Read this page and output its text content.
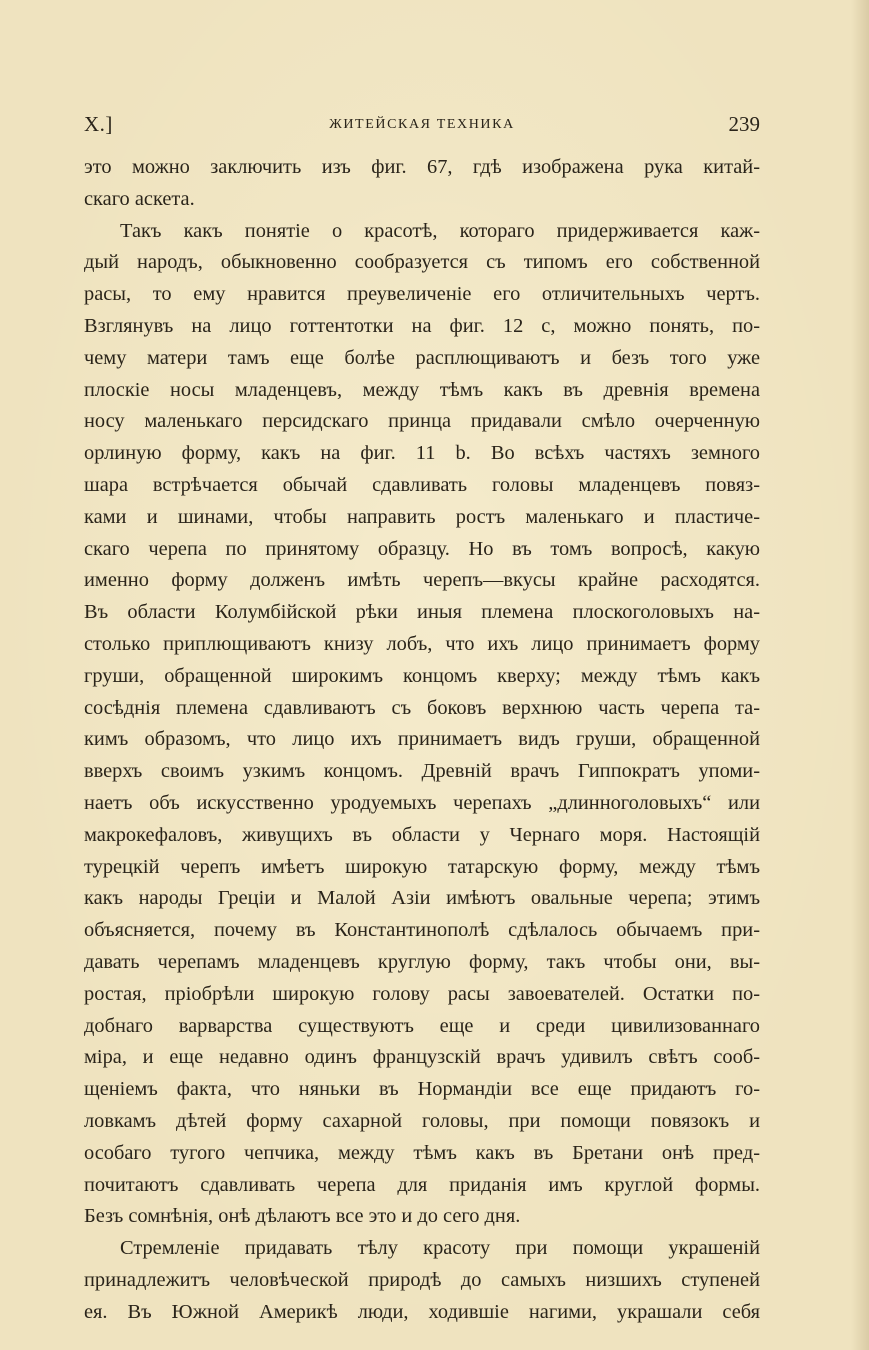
X.]	ЖИТЕЙСКАЯ ТЕХНИКА	239
это можно заключить изъ фиг. 67, гдѣ изображена рука китай-
скаго аскета.
Такъ какъ понятіе о красотѣ, котораго придерживается каж-
дый народъ, обыкновенно сообразуется съ типомъ его собственной
расы, то ему нравится преувеличеніе его отличительныхъ чертъ.
Взглянувъ на лицо готтентотки на фиг. 12 c, можно понять, по-
чему матери тамъ еще болѣе расплющиваютъ и безъ того уже
плоскіе носы младенцевъ, между тѣмъ какъ въ древнія времена
носу маленькаго персидскаго принца придавали смѣло очерченную
орлиную форму, какъ на фиг. 11 b. Во всѣхъ частяхъ земного
шара встрѣчается обычай сдавливать головы младенцевъ повяз-
ками и шинами, чтобы направить ростъ маленькаго и пластиче-
скаго черепа по принятому образцу. Но въ томъ вопросѣ, какую
именно форму долженъ имѣть черепъ—вкусы крайне расходятся.
Въ области Колумбійской рѣки иныя племена плоскоголовыхъ на-
столько приплющиваютъ книзу лобъ, что ихъ лицо принимаетъ форму
груши, обращенной широкимъ концомъ кверху; между тѣмъ какъ
сосѣднія племена сдавливаютъ съ боковъ верхнюю часть черепа та-
кимъ образомъ, что лицо ихъ принимаетъ видъ груши, обращенной
вверхъ своимъ узкимъ концомъ. Древній врачъ Гиппократъ упоми-
наетъ объ искусственно уродуемыхъ черепахъ „длинноголовыхъ“ или
макрокефаловъ, живущихъ въ области у Чернаго моря. Настоящій
турецкій черепъ имѣетъ широкую татарскую форму, между тѣмъ
какъ народы Греціи и Малой Азіи имѣютъ овальные черепа; этимъ
объясняется, почему въ Константинополѣ сдѣлалось обычаемъ при-
давать черепамъ младенцевъ круглую форму, такъ чтобы они, вы-
ростая, пріобрѣли широкую голову расы завоевателей. Остатки по-
добнаго варварства существуютъ еще и среди цивилизованнаго
міра, и еще недавно одинъ французскій врачъ удивилъ свѣтъ сооб-
щеніемъ факта, что няньки въ Нормандіи все еще придаютъ го-
ловкамъ дѣтей форму сахарной головы, при помощи повязокъ и
особаго тугого чепчика, между тѣмъ какъ въ Бретани онѣ пред-
почитаютъ сдавливать черепа для приданія имъ круглой формы.
Безъ сомнѣнія, онѣ дѣлаютъ все это и до сего дня.
Стремленіе придавать тѣлу красоту при помощи украшеній
принадлежитъ человѣческой природѣ до самыхъ низшихъ ступеней
ея. Въ Южной Америкѣ люди, ходившіе нагими, украшали себя
